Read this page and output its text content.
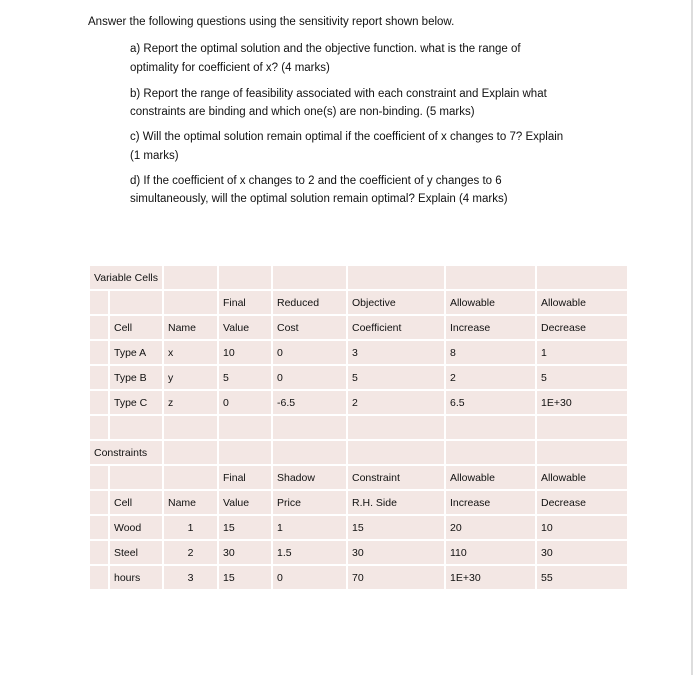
Answer the following questions using the sensitivity report shown below.
a) Report the optimal solution and the objective function. what is the range of
optimality for coefficient of x? (4 marks)
b) Report the range of feasibility associated with each constraint and Explain what
constraints are binding and which one(s) are non-binding. (5 marks)
c) Will the optimal solution remain optimal if the coefficient of x changes to 7? Explain
(1 marks)
d) If the coefficient of x changes to 2 and the coefficient of y changes to 6
simultaneously, will the optimal solution remain optimal? Explain (4 marks)
Variable Cells							
			Final	Reduced	Objective	Allowable	Allowable
	Cell	Name	Value	Cost	Coefficient	Increase	Decrease
	Type A	x	10	0	3	8	1
	Type B	y	5	0	5	2	5
	Type C	z	0	-6.5	2	6.5	1E+30

Constraints							
			Final	Shadow	Constraint	Allowable	Allowable
	Cell	Name	Value	Price	R.H. Side	Increase	Decrease
	Wood	1	15	1	15	20	10
	Steel	2	30	1.5	30	110	30
	hours	3	15	0	70	1E+30	55
